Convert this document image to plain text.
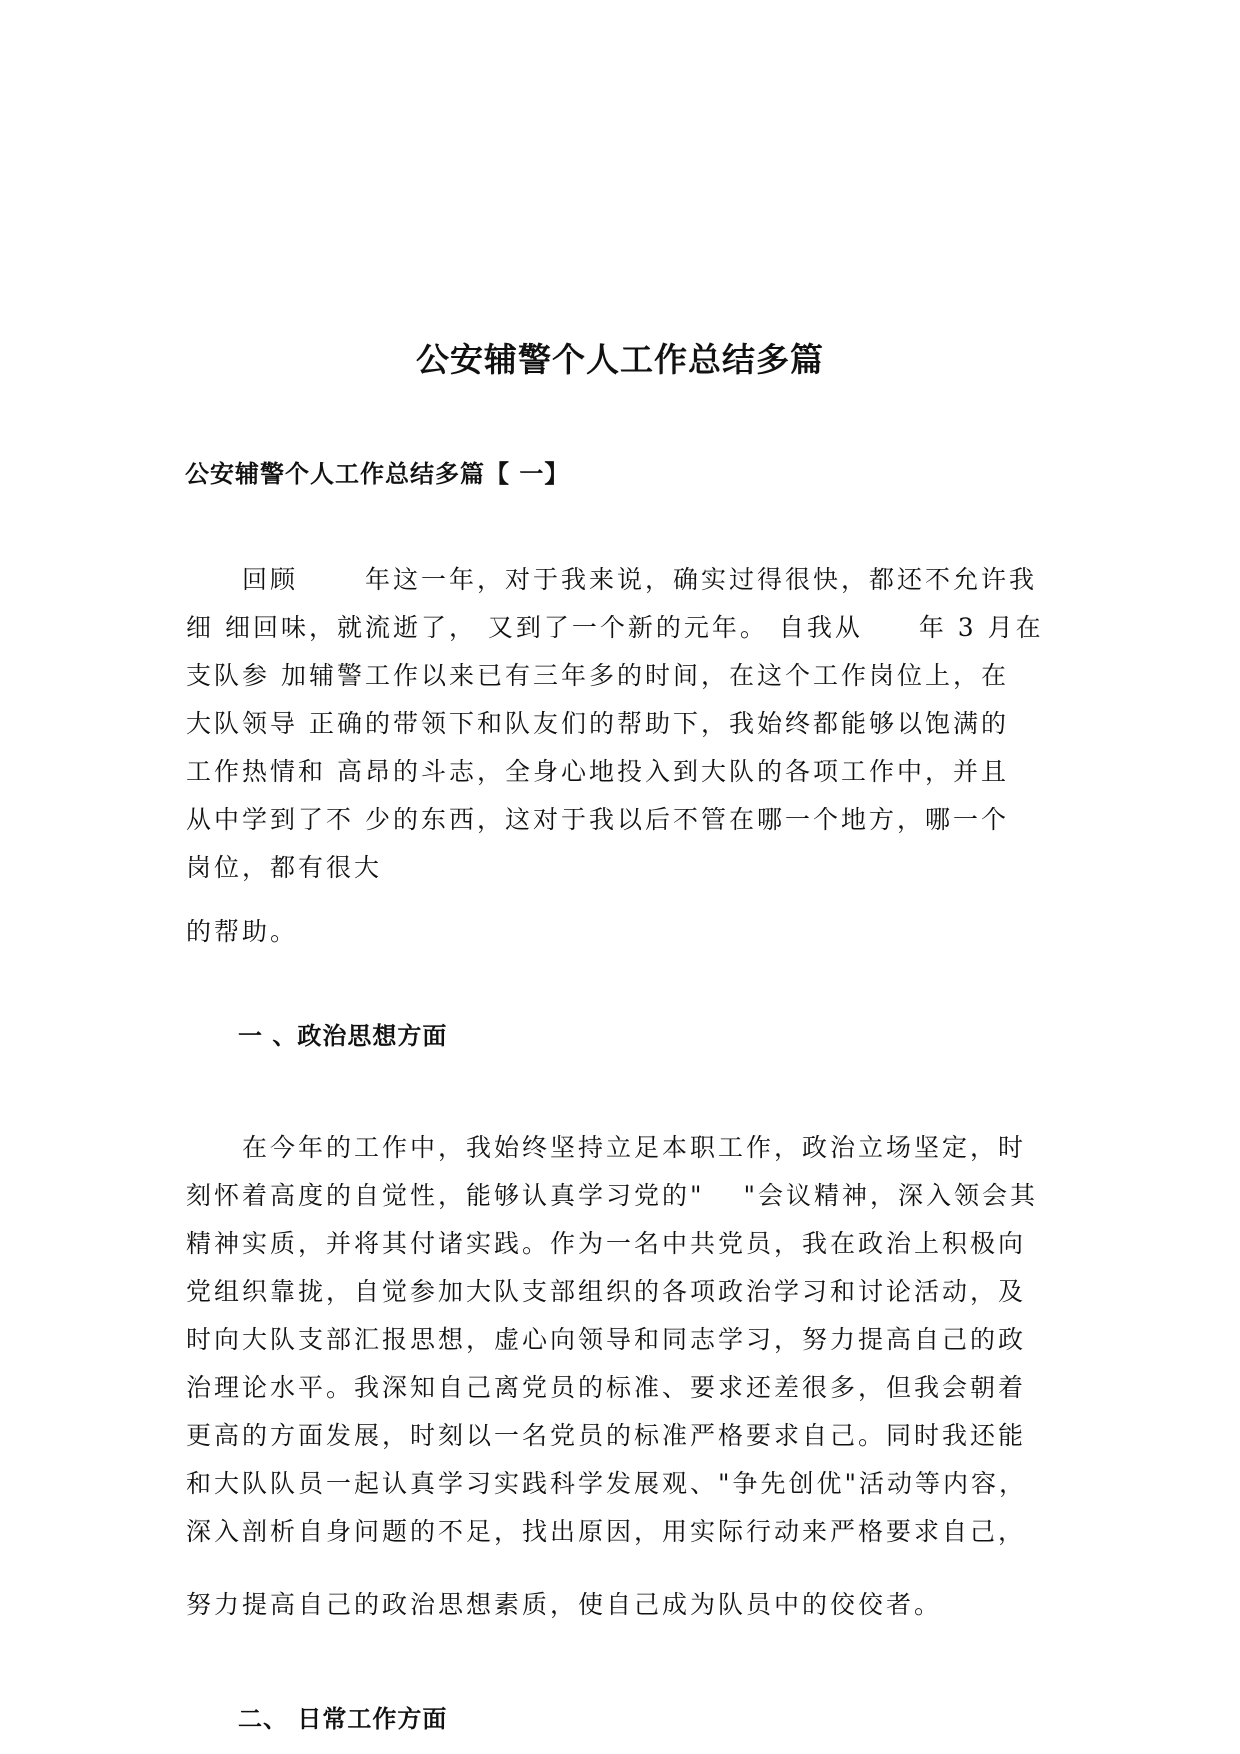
公安辅警个人工作总结多篇
公安辅警个人工作总结多篇【 一】
　　回顾　　 年这一年，对于我来说，确实过得很快，都还不允许我
细 细回味，就流逝了， 又到了一个新的元年。 自我从　　年 3 月在
支队参 加辅警工作以来已有三年多的时间，在这个工作岗位上，在
大队领导 正确的带领下和队友们的帮助下，我始终都能够以饱满的
工作热情和 高昂的斗志，全身心地投入到大队的各项工作中，并且
从中学到了不 少的东西，这对于我以后不管在哪一个地方，哪一个
岗位，都有很大

的帮助。

一 、政治思想方面
　　在今年的工作中，我始终坚持立足本职工作，政治立场坚定，时
刻怀着高度的自觉性，能够认真学习党的"　 "会议精神，深入领会其
精神实质，并将其付诸实践。作为一名中共党员，我在政治上积极向
党组织靠拢，自觉参加大队支部组织的各项政治学习和讨论活动，及
时向大队支部汇报思想，虚心向领导和同志学习，努力提高自己的政
治理论水平。我深知自己离党员的标准、要求还差很多，但我会朝着
更高的方面发展，时刻以一名党员的标准严格要求自己。同时我还能
和大队队员一起认真学习实践科学发展观、"争先创优"活动等内容，
深入剖析自身问题的不足，找出原因，用实际行动来严格要求自己，

努力提高自己的政治思想素质，使自己成为队员中的佼佼者。

二、 日常工作方面
